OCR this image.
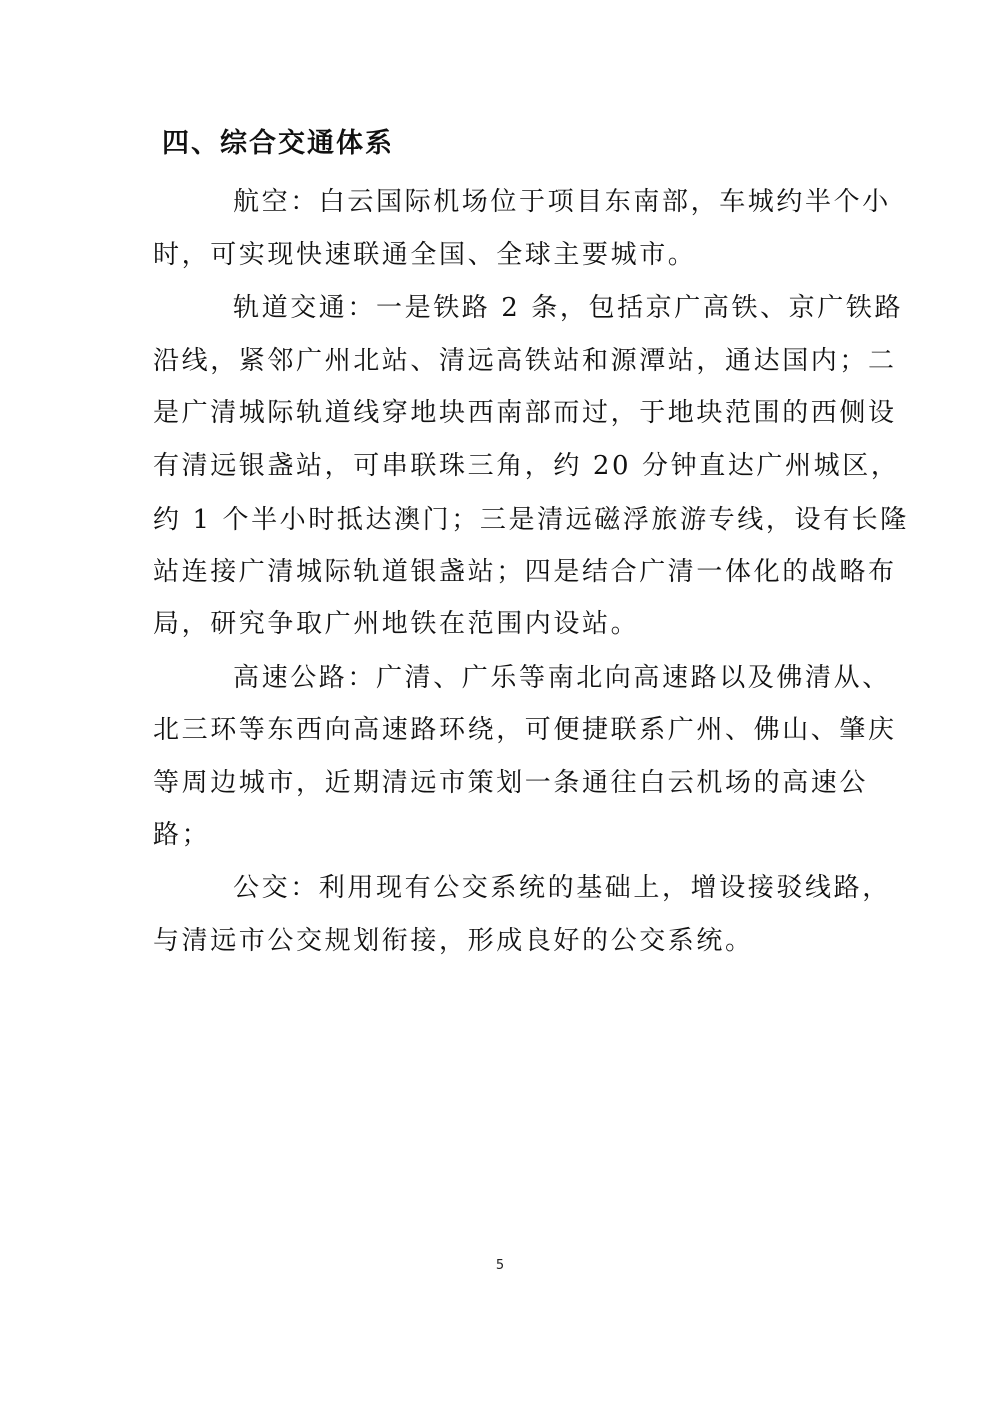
四、综合交通体系
航空：白云国际机场位于项目东南部，车城约半个小
时，可实现快速联通全国、全球主要城市。
轨道交通：一是铁路 2 条，包括京广高铁、京广铁路
沿线，紧邻广州北站、清远高铁站和源潭站，通达国内；二
是广清城际轨道线穿地块西南部而过，于地块范围的西侧设
有清远银盏站，可串联珠三角，约 20 分钟直达广州城区，
约 1 个半小时抵达澳门；三是清远磁浮旅游专线，设有长隆
站连接广清城际轨道银盏站；四是结合广清一体化的战略布
局，研究争取广州地铁在范围内设站。
高速公路：广清、广乐等南北向高速路以及佛清从、
北三环等东西向高速路环绕，可便捷联系广州、佛山、肇庆
等周边城市，近期清远市策划一条通往白云机场的高速公
路；
公交：利用现有公交系统的基础上，增设接驳线路，
与清远市公交规划衔接，形成良好的公交系统。
5
